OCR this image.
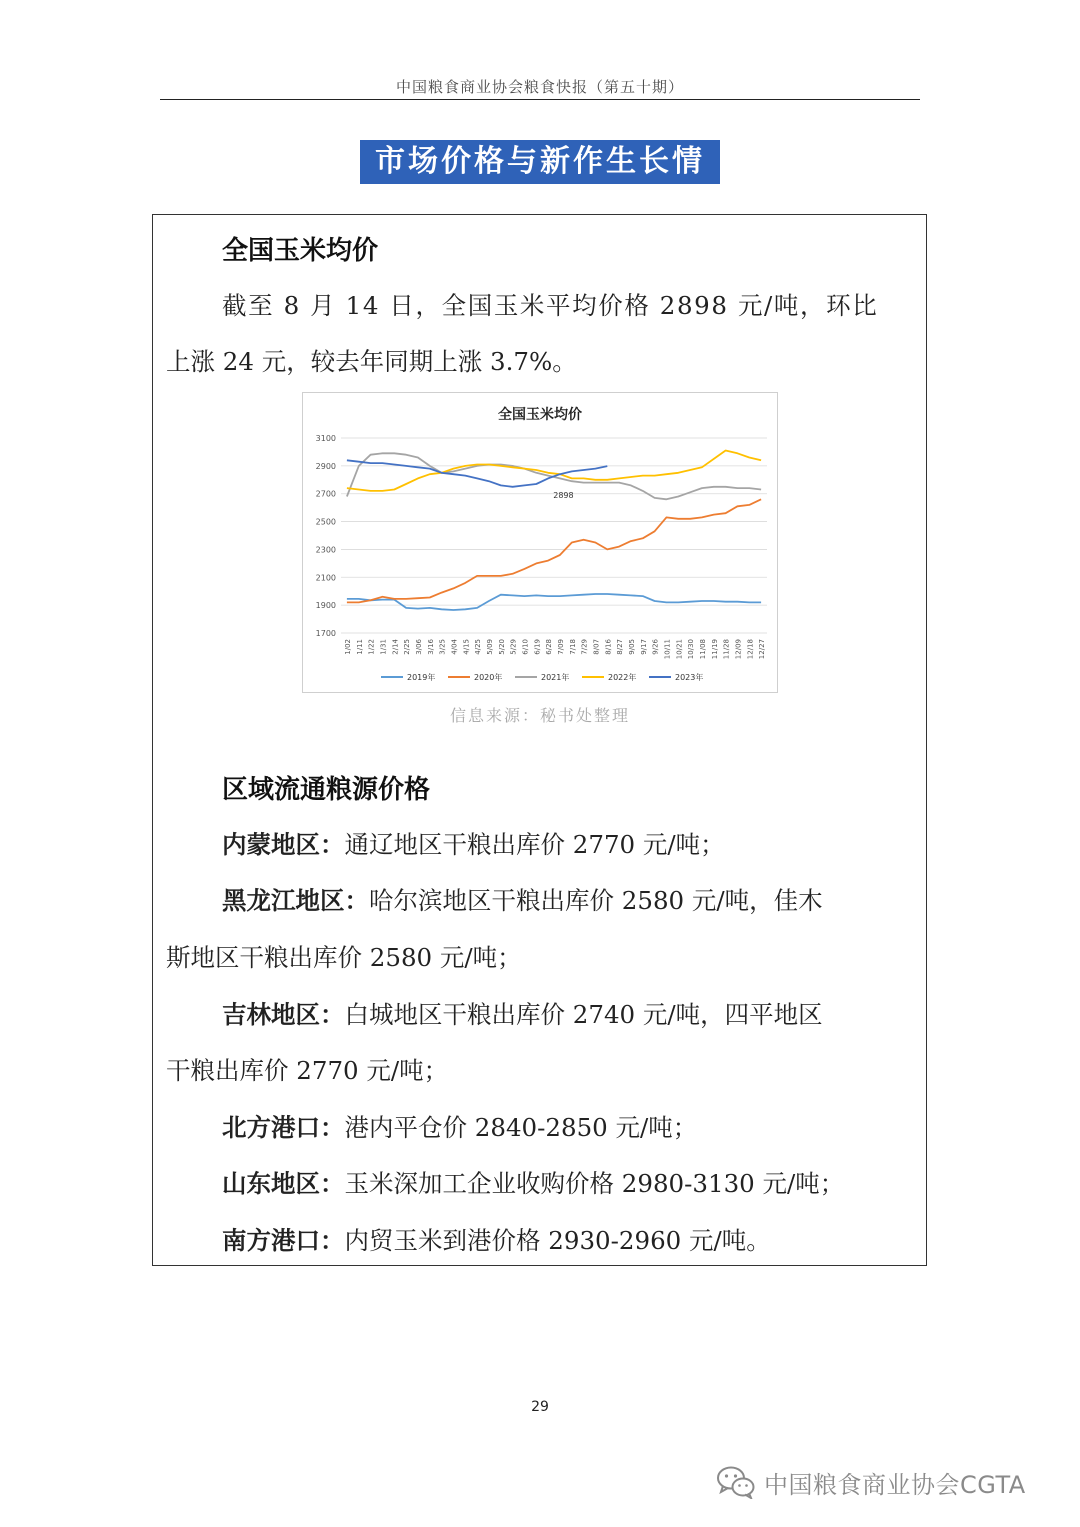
中国粮食商业协会粮食快报（第五十期）
市场价格与新作生长情况
全国玉米均价
截至 8 月 14 日，全国玉米平均价格 2898 元/吨，环比
上涨 24 元，较去年同期上涨 3.7%。
全国玉米均价
1700
1900
2100
2300
2500
2700
2900
3100
1/02 1/11 1/22 1/31 2/14 2/25 3/06 3/16 3/25 4/04 4/15 4/25 5/09 5/20 5/29 6/10 6/19 6/28 7/09 7/18 7/29 8/07 8/16 8/27 9/05 9/17 9/26 10/11 10/21 10/30 11/08 11/19 11/28 12/09 12/18 12/27
2898
2019年	2020年	2021年	2022年	2023年
信息来源：秘书处整理
区域流通粮源价格
内蒙地区：通辽地区干粮出库价 2770 元/吨；
黑龙江地区：哈尔滨地区干粮出库价 2580 元/吨，佳木
斯地区干粮出库价 2580 元/吨；
吉林地区：白城地区干粮出库价 2740 元/吨，四平地区
干粮出库价 2770 元/吨；
北方港口：港内平仓价 2840-2850 元/吨；
山东地区：玉米深加工企业收购价格 2980-3130 元/吨；
南方港口：内贸玉米到港价格 2930-2960 元/吨。
29
中国粮食商业协会CGTA
